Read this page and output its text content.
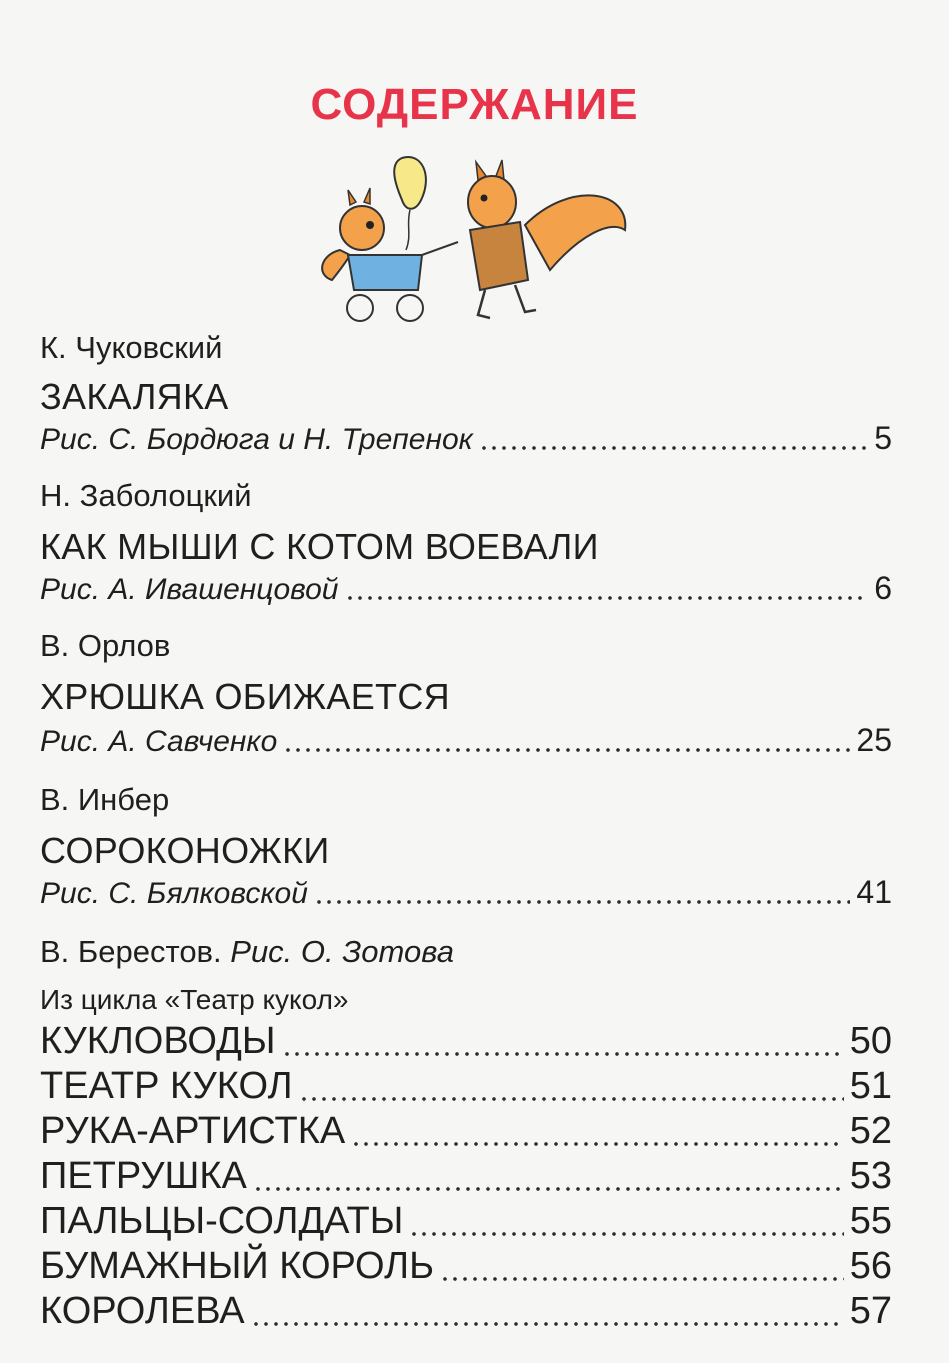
СОДЕРЖАНИЕ
К. Чуковский
ЗАКАЛЯКА
Рис. С. Бордюга и Н. Трепенок	5
Н. Заболоцкий
КАК МЫШИ С КОТОМ ВОЕВАЛИ
Рис. А. Ивашенцовой	6
В. Орлов
ХРЮШКА ОБИЖАЕТСЯ
Рис. А. Савченко	25
В. Инбер
СОРОКОНОЖКИ
Рис. С. Бялковской	41
В. Берестов. Рис. О. Зотова
Из цикла «Театр кукол»
КУКЛОВОДЫ	50
ТЕАТР КУКОЛ	51
РУКА-АРТИСТКА	52
ПЕТРУШКА	53
ПАЛЬЦЫ-СОЛДАТЫ	55
БУМАЖНЫЙ КОРОЛЬ	56
КОРОЛЕВА	57
